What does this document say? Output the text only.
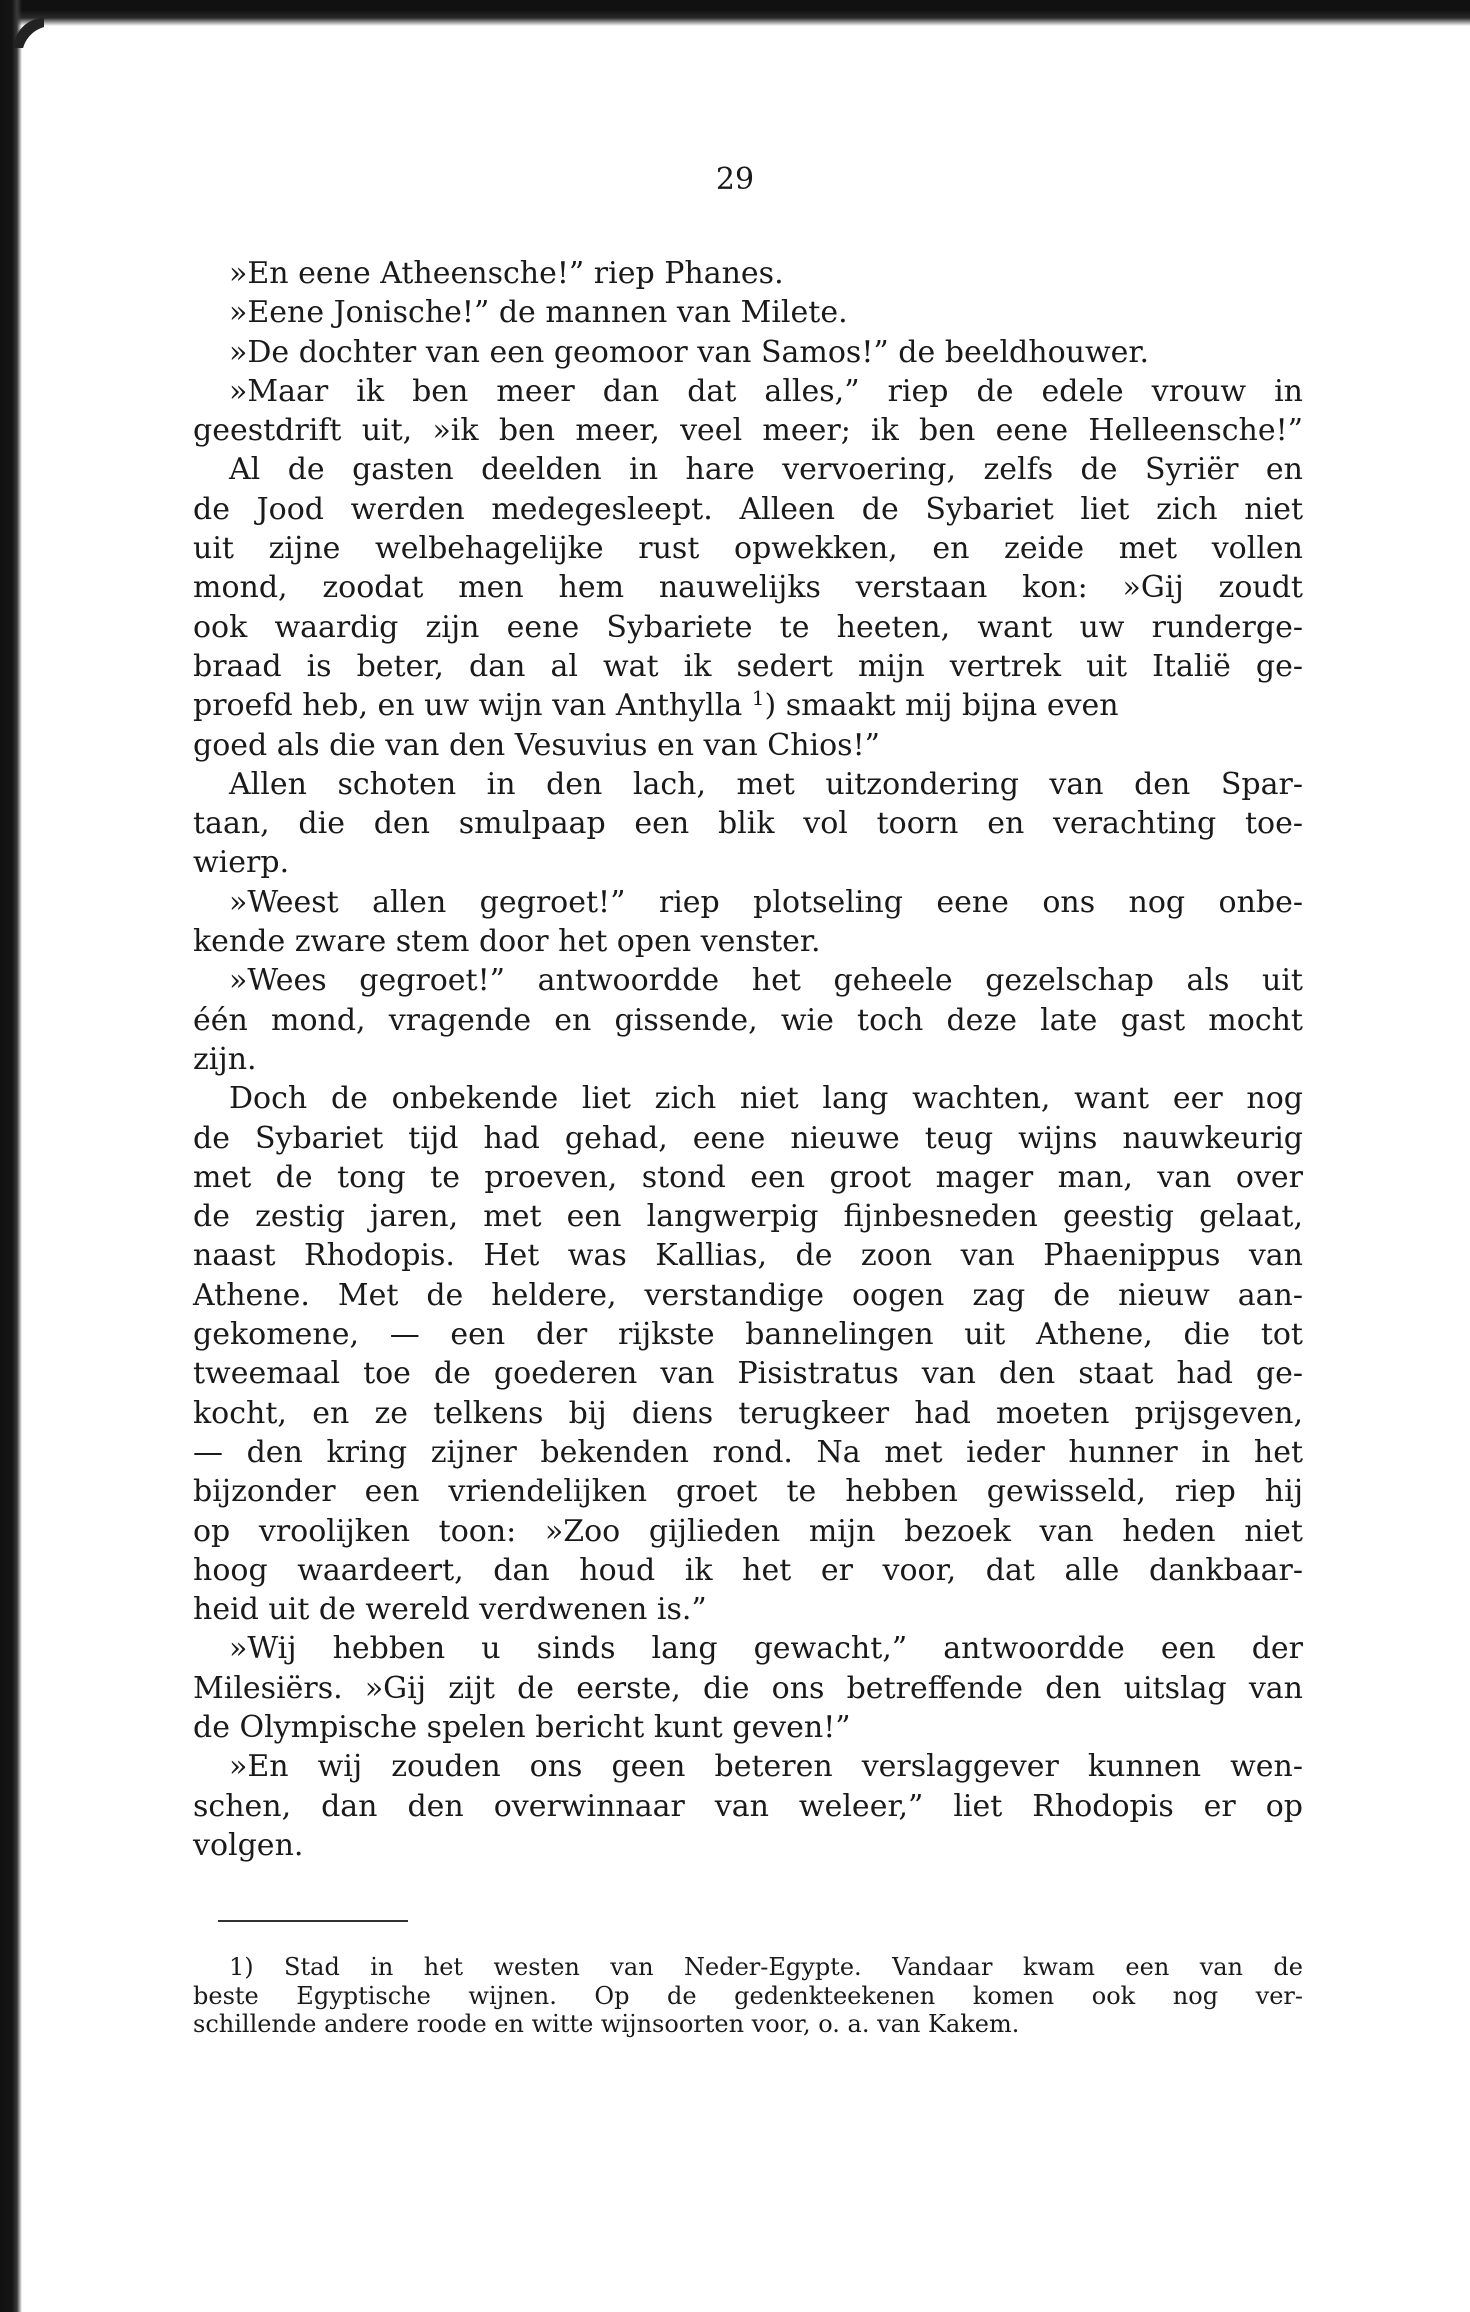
29
»En eene Atheensche!” riep Phanes.
»Eene Jonische!” de mannen van Milete.
»De dochter van een geomoor van Samos!” de beeldhouwer.
»Maar ik ben meer dan dat alles,” riep de edele vrouw in
geestdrift uit, »ik ben meer, veel meer; ik ben eene Helleensche!”
Al de gasten deelden in hare vervoering, zelfs de Syriër en
de Jood werden medegesleept. Alleen de Sybariet liet zich niet
uit zijne welbehagelijke rust opwekken, en zeide met vollen
mond, zoodat men hem nauwelijks verstaan kon: »Gij zoudt
ook waardig zijn eene Sybariete te heeten, want uw runderge-
braad is beter, dan al wat ik sedert mijn vertrek uit Italië ge-
proefd heb, en uw wijn van Anthylla $^1$) smaakt mij bijna even
goed als die van den Vesuvius en van Chios!”
Allen schoten in den lach, met uitzondering van den Spar-
taan, die den smulpaap een blik vol toorn en verachting toe-
wierp.
»Weest allen gegroet!” riep plotseling eene ons nog onbe-
kende zware stem door het open venster.
»Wees gegroet!” antwoordde het geheele gezelschap als uit
één mond, vragende en gissende, wie toch deze late gast mocht
zijn.
Doch de onbekende liet zich niet lang wachten, want eer nog
de Sybariet tijd had gehad, eene nieuwe teug wijns nauwkeurig
met de tong te proeven, stond een groot mager man, van over
de zestig jaren, met een langwerpig fijnbesneden geestig gelaat,
naast Rhodopis. Het was Kallias, de zoon van Phaenippus van
Athene. Met de heldere, verstandige oogen zag de nieuw aan-
gekomene, — een der rijkste bannelingen uit Athene, die tot
tweemaal toe de goederen van Pisistratus van den staat had ge-
kocht, en ze telkens bij diens terugkeer had moeten prijsgeven,
— den kring zijner bekenden rond. Na met ieder hunner in het
bijzonder een vriendelijken groet te hebben gewisseld, riep hij
op vroolijken toon: »Zoo gijlieden mijn bezoek van heden niet
hoog waardeert, dan houd ik het er voor, dat alle dankbaar-
heid uit de wereld verdwenen is.”
»Wij hebben u sinds lang gewacht,” antwoordde een der
Milesiërs. »Gij zijt de eerste, die ons betreffende den uitslag van
de Olympische spelen bericht kunt geven!”
»En wij zouden ons geen beteren verslaggever kunnen wen-
schen, dan den overwinnaar van weleer,” liet Rhodopis er op
volgen.
1) Stad in het westen van Neder-Egypte. Vandaar kwam een van de
beste Egyptische wijnen. Op de gedenkteekenen komen ook nog ver-
schillende andere roode en witte wijnsoorten voor, o. a. van Kakem.
